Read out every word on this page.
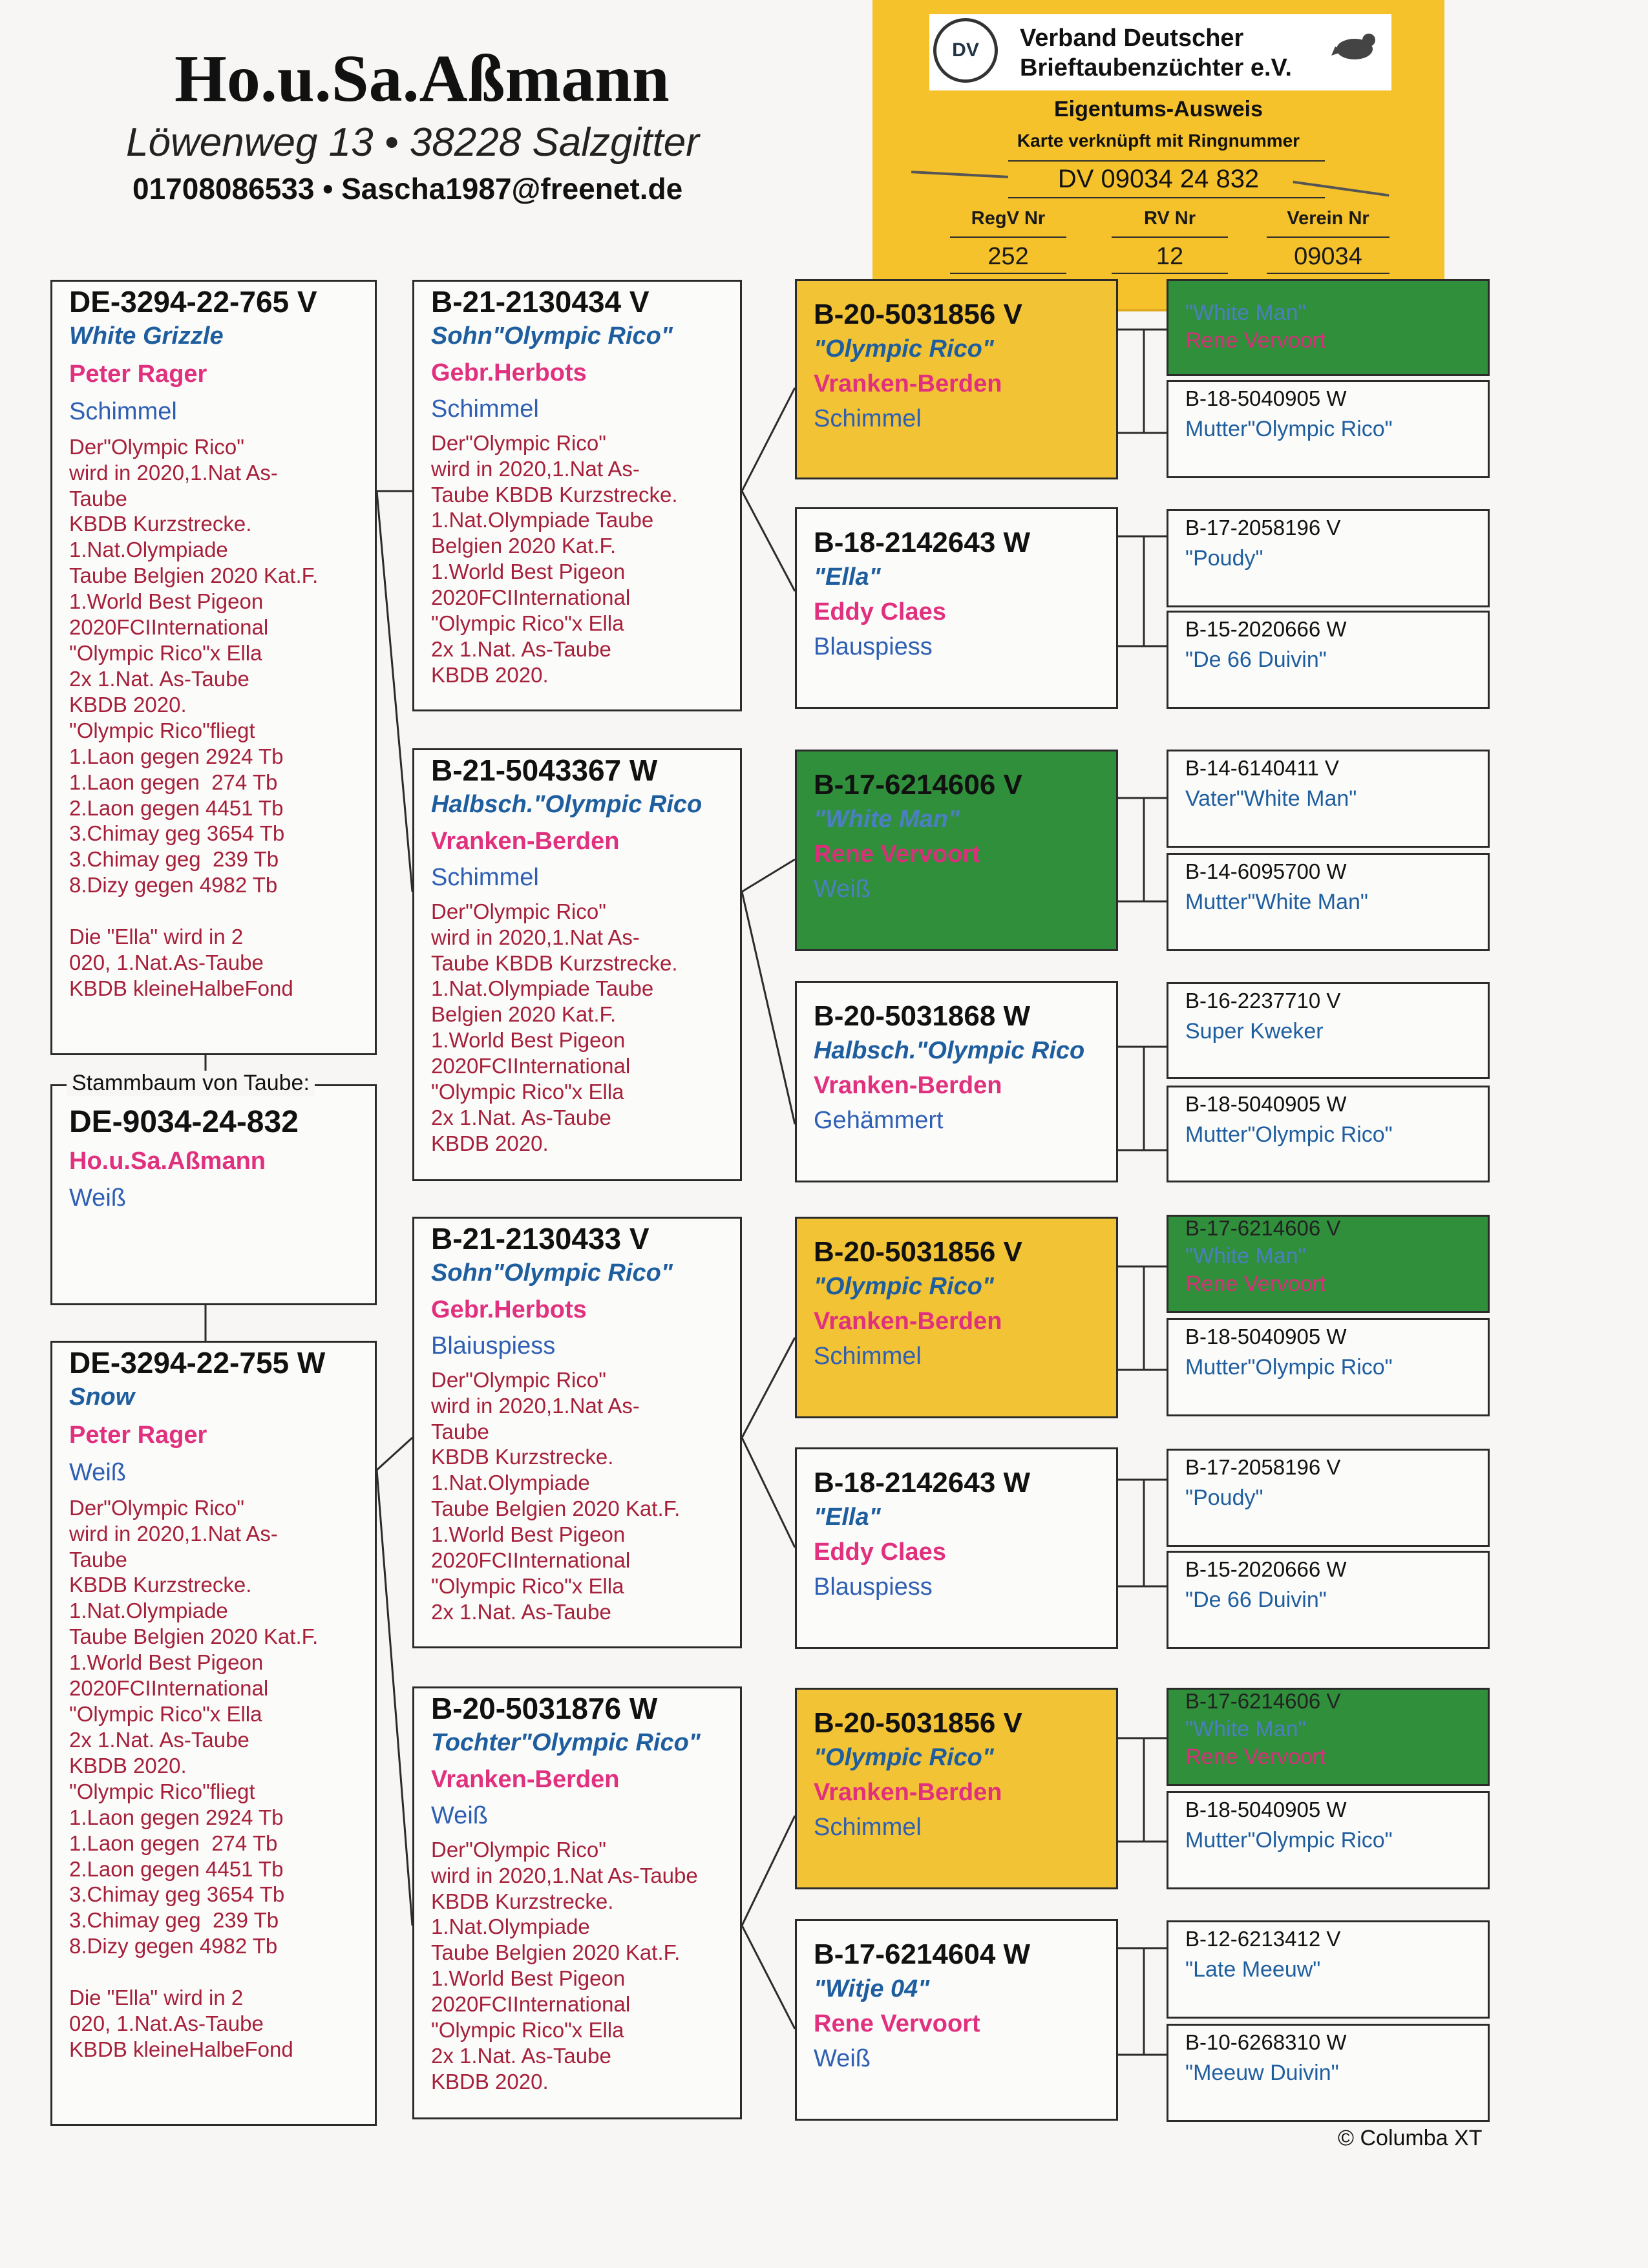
Ho.u.Sa.Aßmann
Löwenweg 13 • 38228 Salzgitter
01708086533 • Sascha1987@freenet.de
DV	Verband Deutscher
Brieftaubenzüchter e.V.
Eigentums-Ausweis
Karte verknüpft mit Ringnummer
DV 09034 24 832
RegV Nr	RV Nr	Verein Nr
252	12	09034
DE-3294-22-765 V
White Grizzle
Peter Rager
Schimmel
Der"Olympic Rico"
wird in 2020,1.Nat As-
Taube
KBDB Kurzstrecke.
1.Nat.Olympiade
Taube Belgien 2020 Kat.F.
1.World Best Pigeon
2020FCIInternational
"Olympic Rico"x Ella
2x 1.Nat. As-Taube
KBDB 2020.
"Olympic Rico"fliegt
1.Laon gegen 2924 Tb
1.Laon gegen  274 Tb
2.Laon gegen 4451 Tb
3.Chimay geg 3654 Tb
3.Chimay geg  239 Tb
8.Dizy gegen 4982 Tb

Die "Ella" wird in 2
020, 1.Nat.As-Taube
KBDB kleineHalbeFond
Stammbaum von Taube:
DE-9034-24-832
Ho.u.Sa.Aßmann
Weiß
DE-3294-22-755 W
Snow
Peter Rager
Weiß
Der"Olympic Rico"
wird in 2020,1.Nat As-
Taube
KBDB Kurzstrecke.
1.Nat.Olympiade
Taube Belgien 2020 Kat.F.
1.World Best Pigeon
2020FCIInternational
"Olympic Rico"x Ella
2x 1.Nat. As-Taube
KBDB 2020.
"Olympic Rico"fliegt
1.Laon gegen 2924 Tb
1.Laon gegen  274 Tb
2.Laon gegen 4451 Tb
3.Chimay geg 3654 Tb
3.Chimay geg  239 Tb
8.Dizy gegen 4982 Tb

Die "Ella" wird in 2
020, 1.Nat.As-Taube
KBDB kleineHalbeFond
B-21-2130434 V
Sohn"Olympic Rico"
Gebr.Herbots
Schimmel
Der"Olympic Rico"
wird in 2020,1.Nat As-
Taube KBDB Kurzstrecke.
1.Nat.Olympiade Taube
Belgien 2020 Kat.F.
1.World Best Pigeon
2020FCIInternational
"Olympic Rico"x Ella
2x 1.Nat. As-Taube
KBDB 2020.
B-21-5043367 W
Halbsch."Olympic Rico
Vranken-Berden
Schimmel
Der"Olympic Rico"
wird in 2020,1.Nat As-
Taube KBDB Kurzstrecke.
1.Nat.Olympiade Taube
Belgien 2020 Kat.F.
1.World Best Pigeon
2020FCIInternational
"Olympic Rico"x Ella
2x 1.Nat. As-Taube
KBDB 2020.
B-21-2130433 V
Sohn"Olympic Rico"
Gebr.Herbots
Blaiuspiess
Der"Olympic Rico"
wird in 2020,1.Nat As-
Taube
KBDB Kurzstrecke.
1.Nat.Olympiade
Taube Belgien 2020 Kat.F.
1.World Best Pigeon
2020FCIInternational
"Olympic Rico"x Ella
2x 1.Nat. As-Taube
B-20-5031876 W
Tochter"Olympic Rico"
Vranken-Berden
Weiß
Der"Olympic Rico"
wird in 2020,1.Nat As-Taube
KBDB Kurzstrecke.
1.Nat.Olympiade
Taube Belgien 2020 Kat.F.
1.World Best Pigeon
2020FCIInternational
"Olympic Rico"x Ella
2x 1.Nat. As-Taube
KBDB 2020.
B-20-5031856 V
"Olympic Rico"
Vranken-Berden
Schimmel
B-18-2142643 W
"Ella"
Eddy Claes
Blauspiess
B-17-6214606 V
"White Man"
Rene Vervoort
Weiß
B-20-5031868 W
Halbsch."Olympic Rico
Vranken-Berden
Gehämmert
B-20-5031856 V
"Olympic Rico"
Vranken-Berden
Schimmel
B-18-2142643 W
"Ella"
Eddy Claes
Blauspiess
B-20-5031856 V
"Olympic Rico"
Vranken-Berden
Schimmel
B-17-6214604 W
"Witje 04"
Rene Vervoort
Weiß
"White Man"
Rene Vervoort
B-18-5040905 W
Mutter"Olympic Rico"
B-17-2058196 V
"Poudy"
B-15-2020666 W
"De 66 Duivin"
B-14-6140411 V
Vater"White Man"
B-14-6095700 W
Mutter"White Man"
B-16-2237710 V
Super Kweker
B-18-5040905 W
Mutter"Olympic Rico"
B-17-6214606 V
"White Man"
Rene Vervoort
B-18-5040905 W
Mutter"Olympic Rico"
B-17-2058196 V
"Poudy"
B-15-2020666 W
"De 66 Duivin"
B-17-6214606 V
"White Man"
Rene Vervoort
B-18-5040905 W
Mutter"Olympic Rico"
B-12-6213412 V
"Late Meeuw"
B-10-6268310 W
"Meeuw Duivin"
© Columba XT
